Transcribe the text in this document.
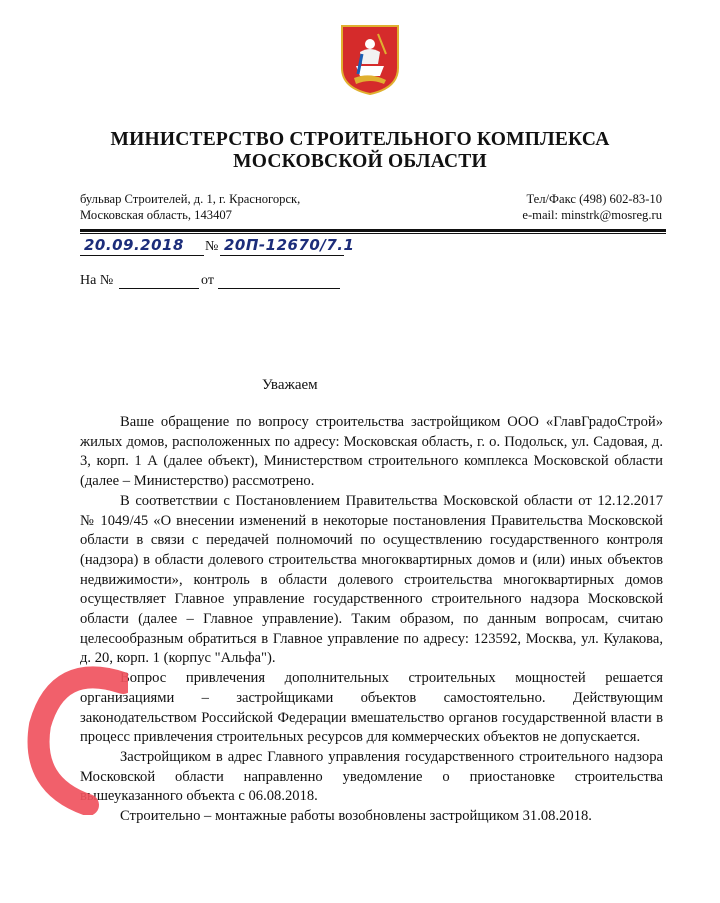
МИНИСТЕРСТВО СТРОИТЕЛЬНОГО КОМПЛЕКСА
МОСКОВСКОЙ ОБЛАСТИ
бульвар Строителей, д. 1, г. Красногорск,
Московская область, 143407
Тел/Факс (498) 602-83-10
e-mail: minstrk@mosreg.ru
20.09.2018 № 20П-12670/7.1
На №	от
Уважаем

Ваше обращение по вопросу строительства застройщиком ООО «ГлавГрадоСтрой» жилых домов, расположенных по адресу: Московская область, г. о. Подольск, ул. Садовая, д. 3, корп. 1 А (далее объект), Министерством строительного комплекса Московской области (далее – Министерство) рассмотрено.

В соответствии с Постановлением Правительства Московской области от 12.12.2017 № 1049/45 «О внесении изменений в некоторые постановления Правительства Московской области в связи с передачей полномочий по осуществлению государственного контроля (надзора) в области долевого строительства многоквартирных домов и (или) иных объектов недвижимости», контроль в области долевого строительства многоквартирных домов осуществляет Главное управление государственного строительного надзора Московской области (далее – Главное управление). Таким образом, по данным вопросам, считаю целесообразным обратиться в Главное управление по адресу: 123592, Москва, ул. Кулакова, д. 20, корп. 1 (корпус "Альфа").

Вопрос привлечения дополнительных строительных мощностей решается организациями – застройщиками объектов самостоятельно. Действующим законодательством Российской Федерации вмешательство органов государственной власти в процесс привлечения строительных ресурсов для коммерческих объектов не допускается.

Застройщиком в адрес Главного управления государственного строительного надзора Московской области направленно уведомление о приостановке строительства вышеуказанного объекта с 06.08.2018.

Строительно – монтажные работы возобновлены застройщиком 31.08.2018.
